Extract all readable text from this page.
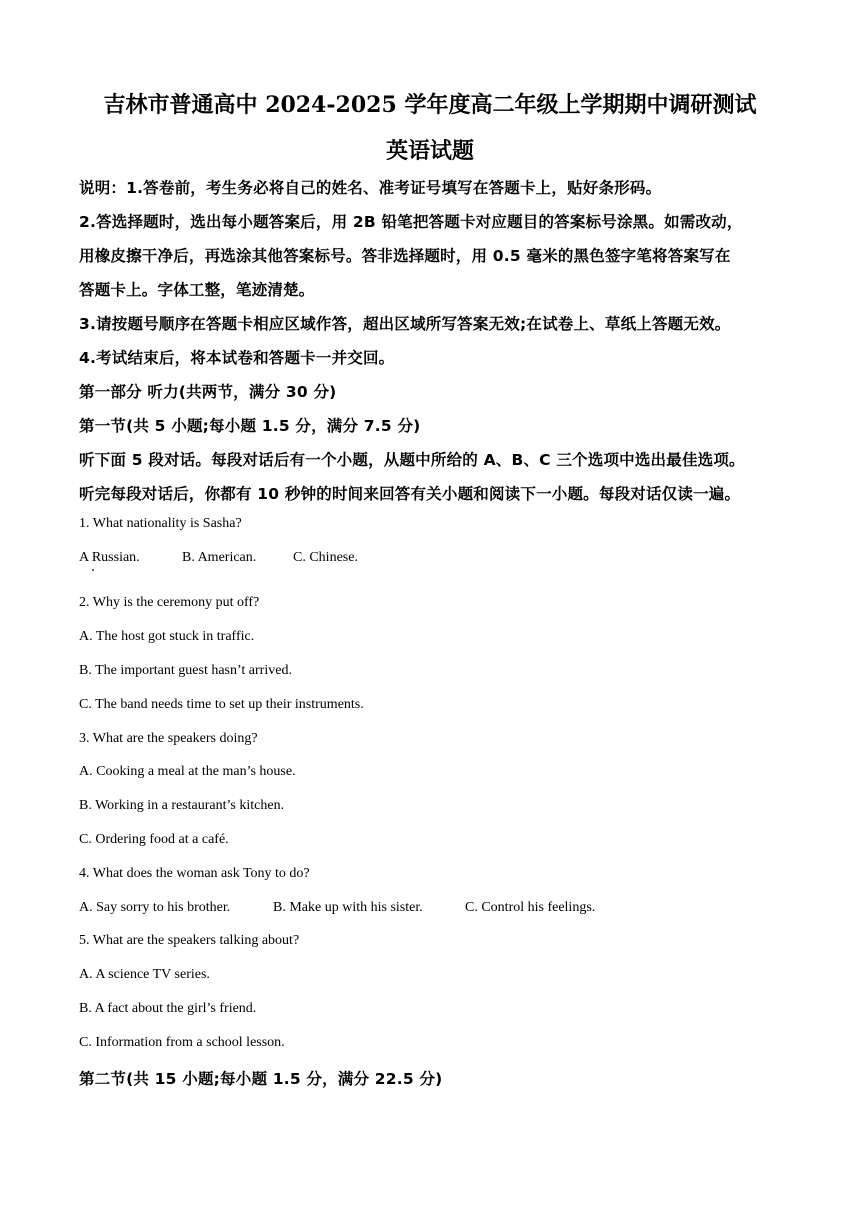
吉林市普通高中 2024-2025 学年度高二年级上学期期中调研测试
英语试题
说明：1.答卷前，考生务必将自己的姓名、准考证号填写在答题卡上，贴好条形码。
2.答选择题时，选出每小题答案后，用 2B 铅笔把答题卡对应题目的答案标号涂黑。如需改动，
用橡皮擦干净后，再选涂其他答案标号。答非选择题时，用 0.5 毫米的黑色签字笔将答案写在
答题卡上。字体工整，笔迹清楚。
3.请按题号顺序在答题卡相应区域作答，超出区域所写答案无效;在试卷上、草纸上答题无效。
4.考试结束后，将本试卷和答题卡一并交回。
第一部分 听力(共两节，满分 30 分)
第一节(共 5 小题;每小题 1.5 分，满分 7.5 分)
听下面 5 段对话。每段对话后有一个小题，从题中所给的 A、B、C 三个选项中选出最佳选项。
听完每段对话后，你都有 10 秒钟的时间来回答有关小题和阅读下一小题。每段对话仅读一遍。
1. What nationality is Sasha?
A Russian.	B. American.	C. Chinese.
2. Why is the ceremony put off?
A. The host got stuck in traffic.
B. The important guest hasn’t arrived.
C. The band needs time to set up their instruments.
3. What are the speakers doing?
A. Cooking a meal at the man’s house.
B. Working in a restaurant’s kitchen.
C. Ordering food at a café.
4. What does the woman ask Tony to do?
A. Say sorry to his brother.	B. Make up with his sister.	C. Control his feelings.
5. What are the speakers talking about?
A. A science TV series.
B. A fact about the girl’s friend.
C. Information from a school lesson.
第二节(共 15 小题;每小题 1.5 分，满分 22.5 分)
